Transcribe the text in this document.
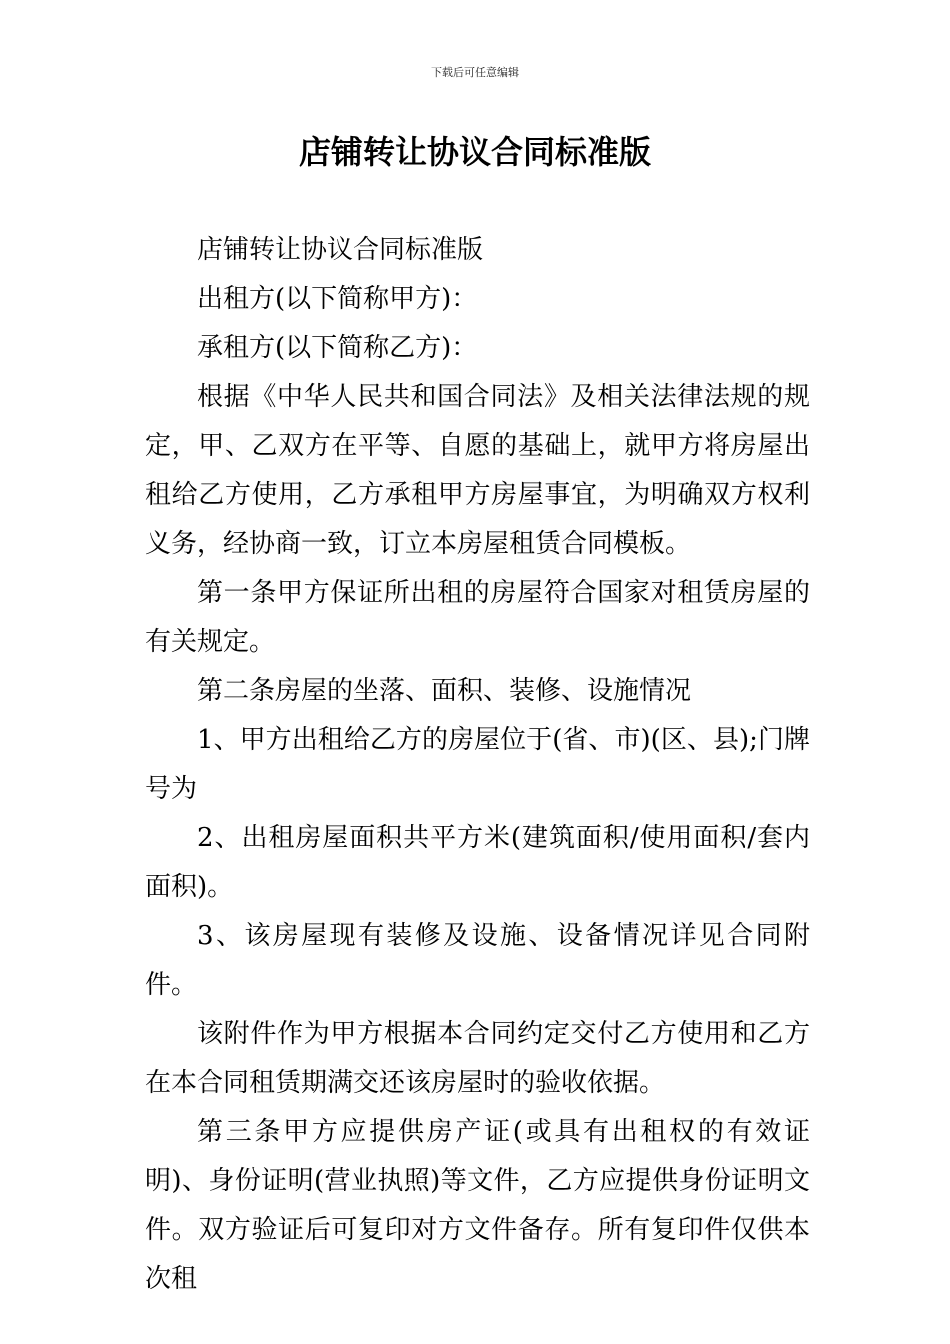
下载后可任意编辑
店铺转让协议合同标准版

店铺转让协议合同标准版

出租方(以下简称甲方)：

承租方(以下简称乙方)：

根据《中华人民共和国合同法》及相关法律法规的规定，甲、乙双方在平等、自愿的基础上，就甲方将房屋出租给乙方使用，乙方承租甲方房屋事宜，为明确双方权利义务，经协商一致，订立本房屋租赁合同模板。

第一条甲方保证所出租的房屋符合国家对租赁房屋的有关规定。

第二条房屋的坐落、面积、装修、设施情况

1、甲方出租给乙方的房屋位于(省、市)(区、县);门牌号为

2、出租房屋面积共平方米(建筑面积/使用面积/套内面积)。

3、该房屋现有装修及设施、设备情况详见合同附件。

该附件作为甲方根据本合同约定交付乙方使用和乙方在本合同租赁期满交还该房屋时的验收依据。

第三条甲方应提供房产证(或具有出租权的有效证明)、身份证明(营业执照)等文件，乙方应提供身份证明文件。双方验证后可复印对方文件备存。所有复印件仅供本次租
